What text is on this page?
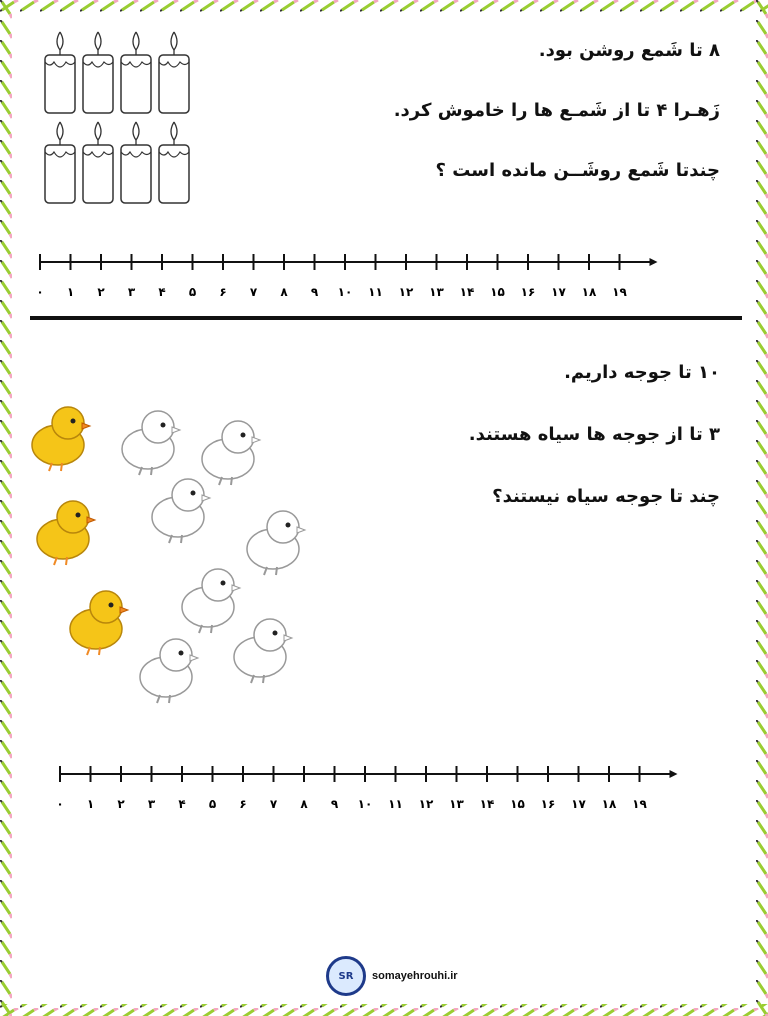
۸ تا شَمع روشن بود.
زَهـرا ۴ تا از شَمـع ها را خاموش کرد.
چندتا شَمع روشَــن مانده است ؟
۰ ۱ ۲ ۳ ۴ ۵ ۶ ۷ ۸ ۹ ۱۰ ۱۱ ۱۲ ۱۳ ۱۴ ۱۵ ۱۶ ۱۷ ۱۸ ۱۹
۱۰ تا جوجه داریم.
۳ تا از جوجه ها سیاه هستند.
چند تا جوجه سیاه نیستند؟
۰ ۱ ۲ ۳ ۴ ۵ ۶ ۷ ۸ ۹ ۱۰ ۱۱ ۱۲ ۱۳ ۱۴ ۱۵ ۱۶ ۱۷ ۱۸ ۱۹
SR	somayehrouhi.ir
